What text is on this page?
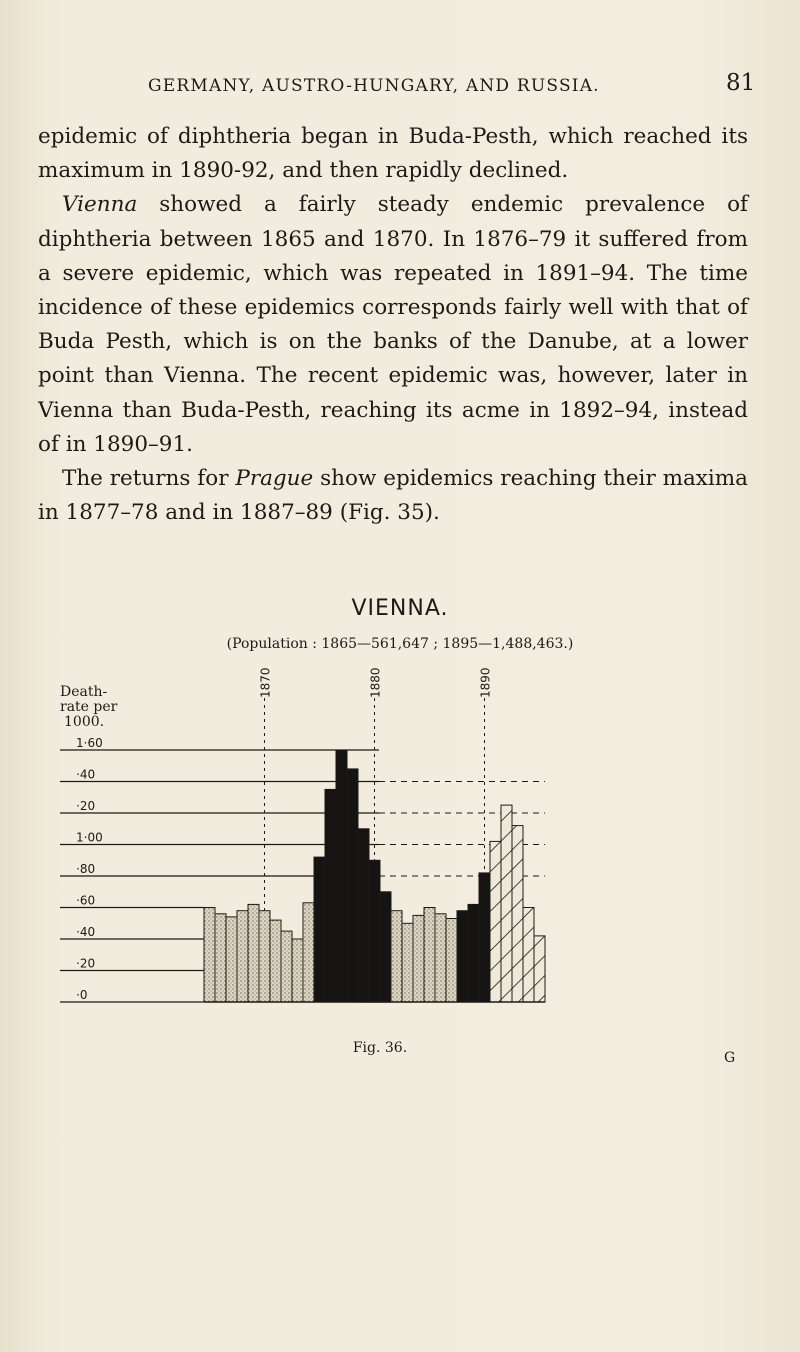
GERMANY, AUSTRO-HUNGARY, AND RUSSIA.	81

epidemic of diphtheria began in Buda-Pesth, which reached its maximum in 1890-92, and then rapidly declined.

Vienna showed a fairly steady endemic prevalence of diphtheria between 1865 and 1870. In 1876–79 it suffered from a severe epidemic, which was repeated in 1891–94. The time incidence of these epidemics corresponds fairly well with that of Buda Pesth, which is on the banks of the Danube, at a lower point than Vienna. The recent epidemic was, however, later in Vienna than Buda-Pesth, reaching its acme in 1892–94, instead of in 1890–91.

The returns for Prague show epidemics reaching their maxima in 1877–78 and in 1887–89 (Fig. 35).

VIENNA.
(Population : 1865—561,647 ; 1895—1,488,463.)
Death-rate per 1000.
1·60
·40
·20
1·00
·80
·60
·40
·20
·0
1870	1880	1890
Fig. 36.
G
